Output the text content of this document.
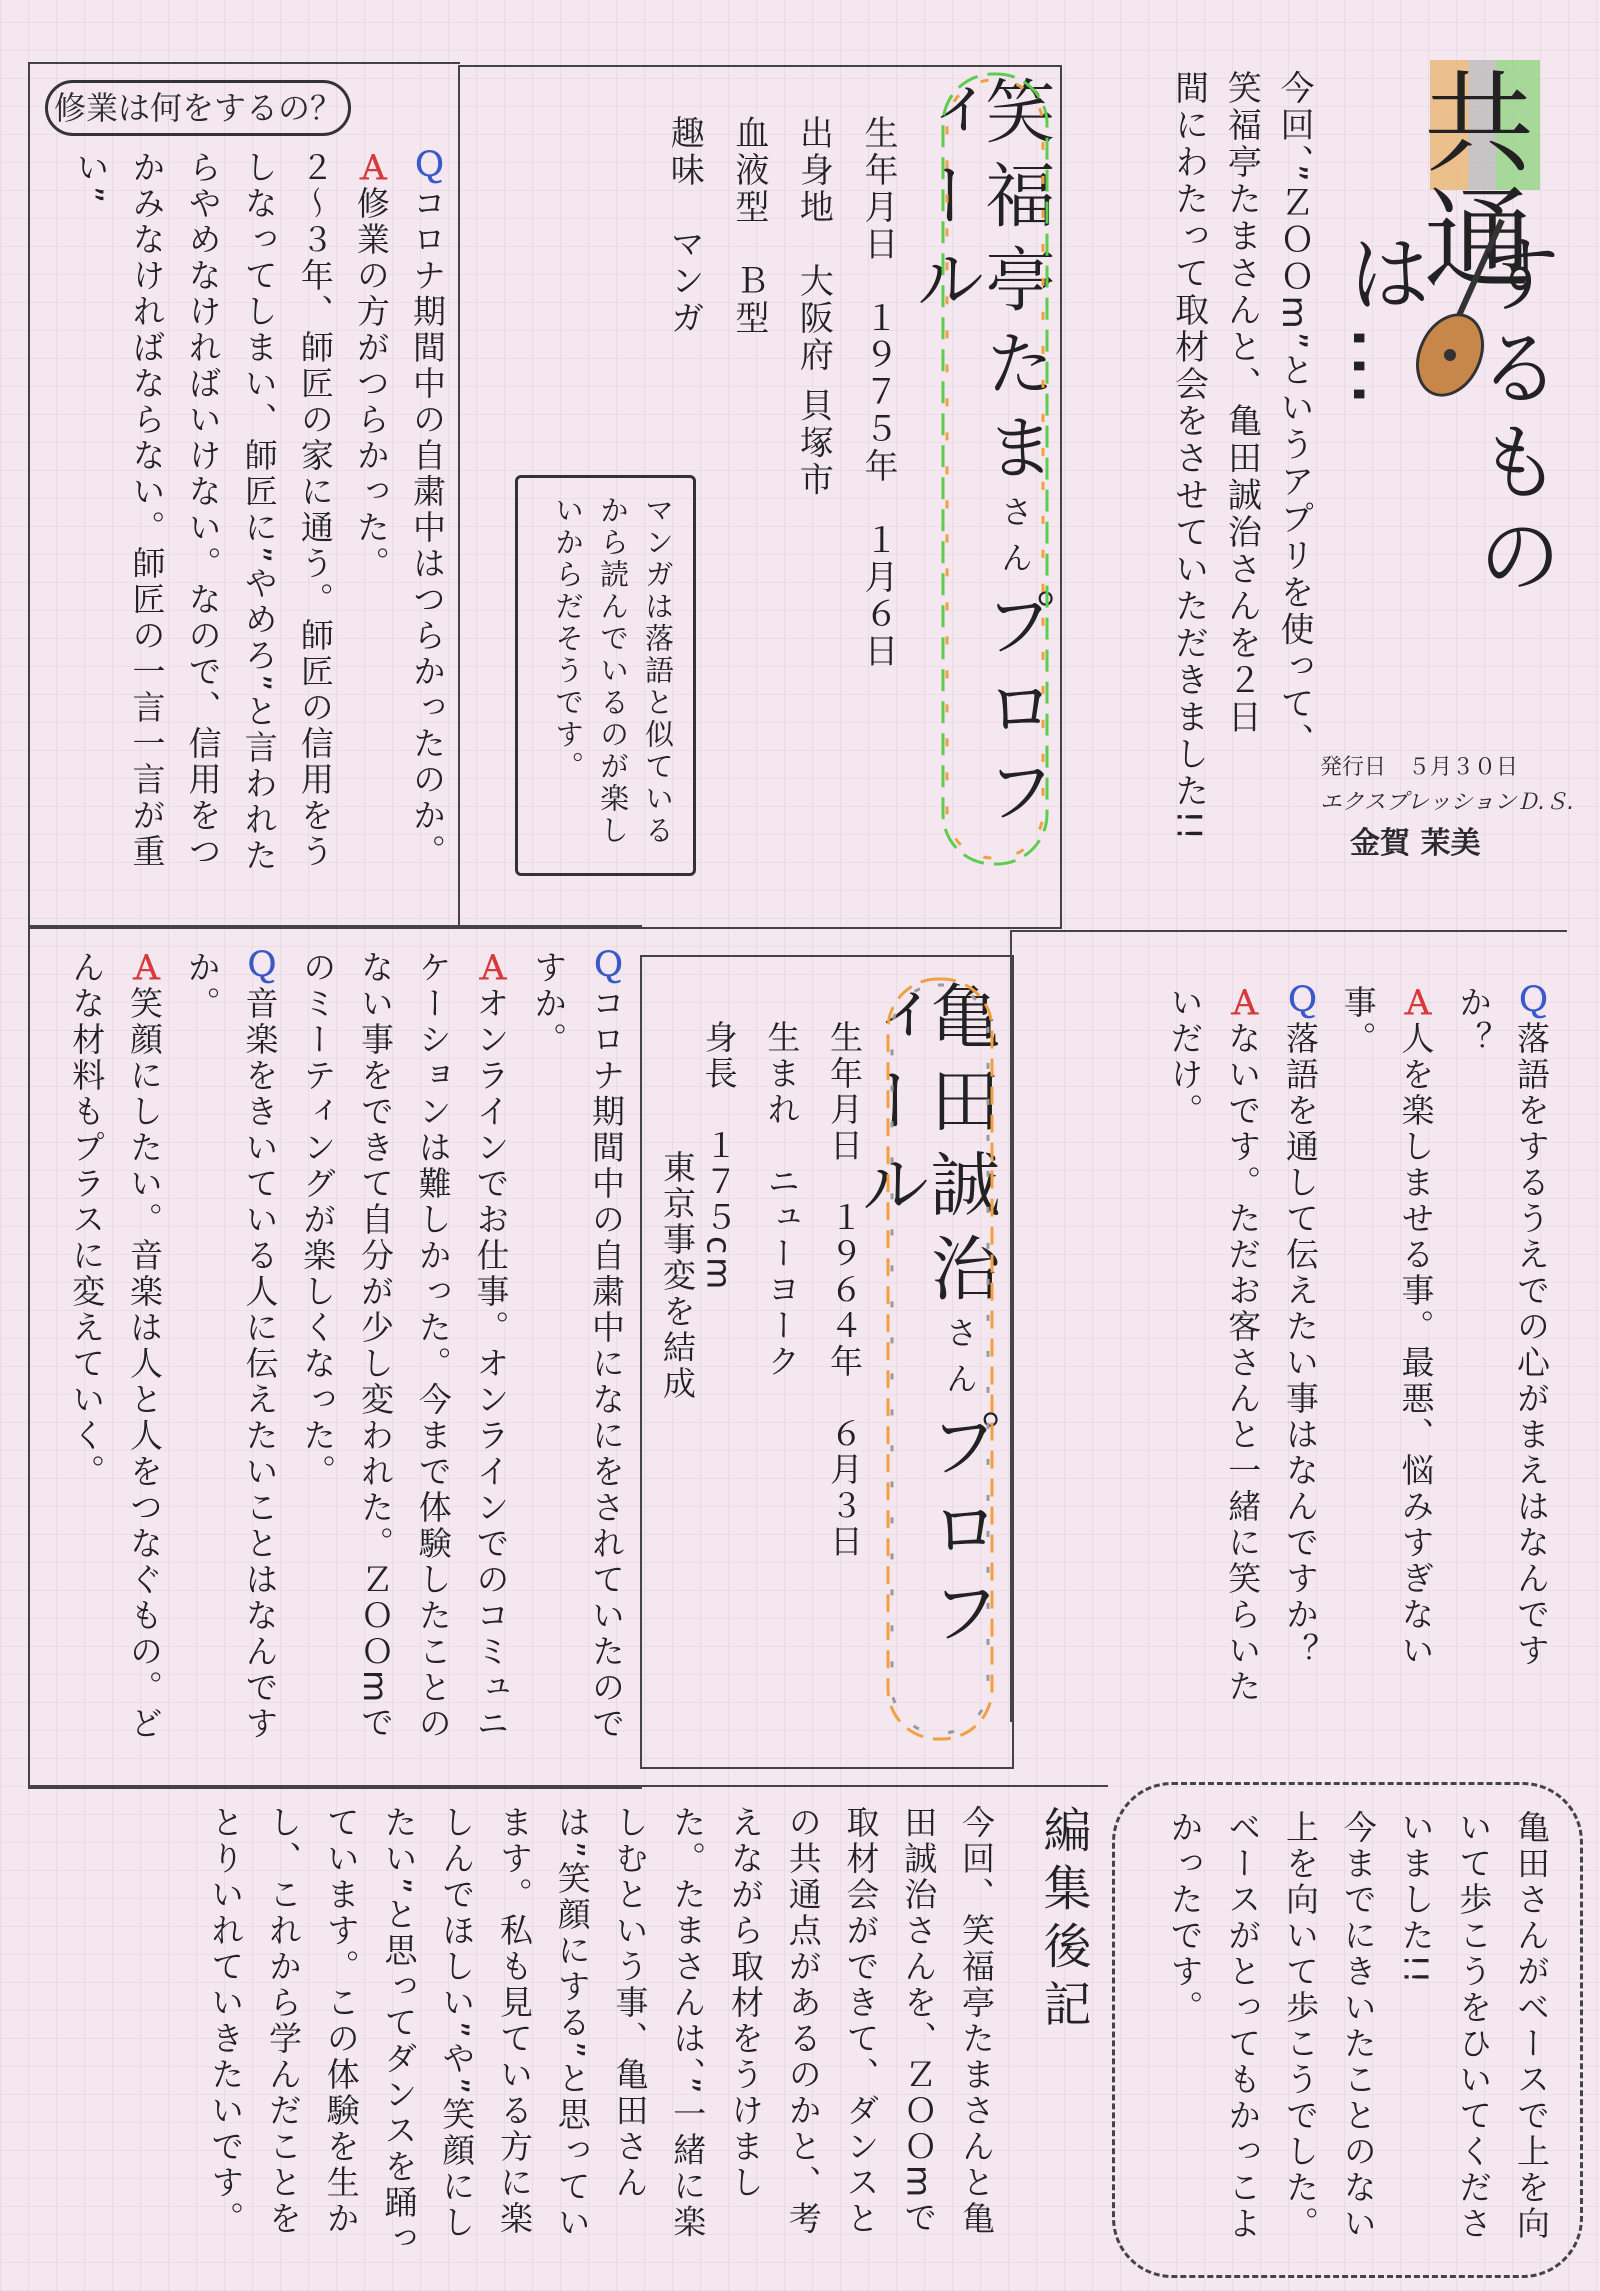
共通
するものは…
今回、”ＺＯＯm”というアプリを使って、
笑福亭たまさんと、亀田誠治さんを２日
間にわたって取材会をさせていただきました!!	発行日　５月３０日
エクスプレッションＤ.Ｓ.
金賀 茉美
笑福亭たまさんプロフィール
生年月日　１９７５年　１月６日
出身地　大阪府 貝塚市
血液型　Ｂ型
趣味　マンガ
マンガは落語と似ているから読んでいるのが楽しいからだそうです。
修業は何をするの？
Ｑコロナ期間中の自粛中はつらかったのか。
Ａ修業の方がつらかった。
２～３年、師匠の家に通う。師匠の信用をうしなってしまい、師匠に”やめろ”と言われたらやめなければいけない。なので、信用をつかみなければならない。師匠の一言一言が重い”
Ｑ落語をするうえでの心がまえはなんですか？
Ａ人を楽しませる事。最悪、悩みすぎない事。
Ｑ落語を通して伝えたい事はなんですか？
Ａないです。ただお客さんと一緒に笑らいたいだけ。
亀田誠治さんプロフィール
生年月日　１９６４年　６月３日
生まれ　ニューヨーク
身長　１７５cm
東京事変を結成
Ｑコロナ期間中の自粛中になにをされていたのですか。
Ａオンラインでお仕事。オンラインでのコミュニケーションは難しかった。今まで体験したことのない事をできて自分が少し変われた。ＺＯＯmでのミーティングが楽しくなった。
Ｑ音楽をきいている人に伝えたいことはなんですか。
Ａ笑顔にしたい。音楽は人と人をつなぐもの。どんな材料もプラスに変えていく。
亀田さんがベースで上を向いて歩こうをひいてくださいました!!
今までにきいたことのない上を向いて歩こうでした。ベースがとってもかっこよかったです。
編集後記
今回、笑福亭たまさんと亀田誠治さんを、ＺＯＯmで取材会ができて、ダンスとの共通点があるのかと、考えながら取材をうけました。たまさんは、”一緒に楽しむという事、亀田さんは”笑顔にする”と思っています。私も見ている方に楽しんでほしい”や”笑顔にしたい”と思ってダンスを踊っています。この体験を生かし、これから学んだことをとりいれていきたいです。
